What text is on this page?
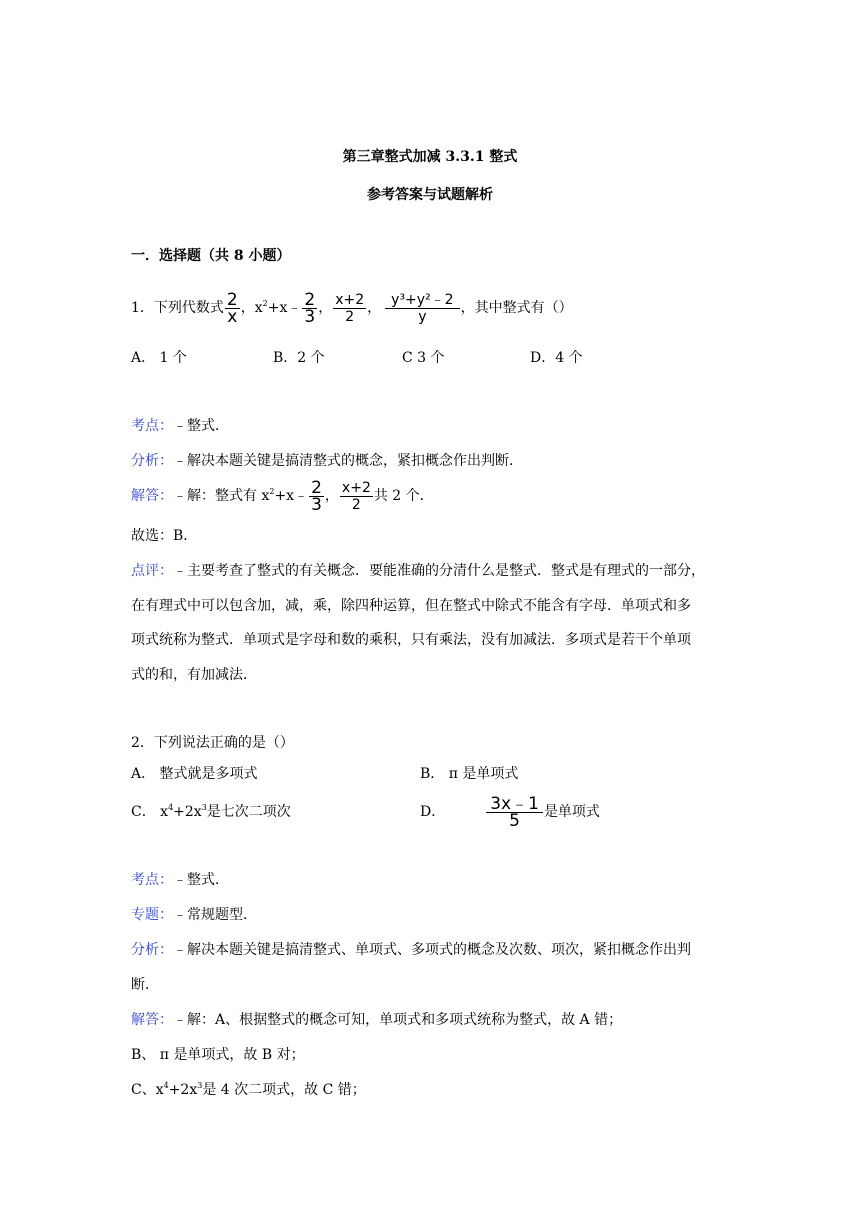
第三章整式加减 3.3.1 整式
参考答案与试题解析
一．选择题（共 8 小题）
1．下列代数式 $\frac{2}{x}$ ，$x^2+x﹣ \frac{2}{3}$ ， $\frac{x+2}{2}$ ， $\frac{\text{y³+y²﹣2}}{y}$ ，其中整式有（）
A． 1 个	B．2 个	C 3 个	D．4 个
考点：﹣整式．
分析：﹣解决本题关键是搞清整式的概念，紧扣概念作出判断．
解答：﹣解：整式有 $x^2+x﹣ \frac{2}{3}$ ， $\frac{x+2}{2}$ 共 2 个．
故选：B．
点评：﹣主要考查了整式的有关概念．要能准确的分清什么是整式．整式是有理式的一部分，
在有理式中可以包含加，减，乘，除四种运算，但在整式中除式不能含有字母．单项式和多
项式统称为整式．单项式是字母和数的乘积，只有乘法，没有加减法．多项式是若干个单项
式的和，有加减法．
2．下列说法正确的是（）
A． 整式就是多项式	B． π 是单项式
C． $x^4+2x^3$是七次二项次	D． $\frac{3x﹣1}{5}$ 是单项式
考点：﹣整式．
专题：﹣常规题型．
分析：﹣解决本题关键是搞清整式、单项式、多项式的概念及次数、项次，紧扣概念作出判
断．
解答：﹣解：A、根据整式的概念可知，单项式和多项式统称为整式，故 A 错；
B、 π 是单项式，故 B 对；
C、$x^4+2x^3$是 4 次二项式，故 C 错；
